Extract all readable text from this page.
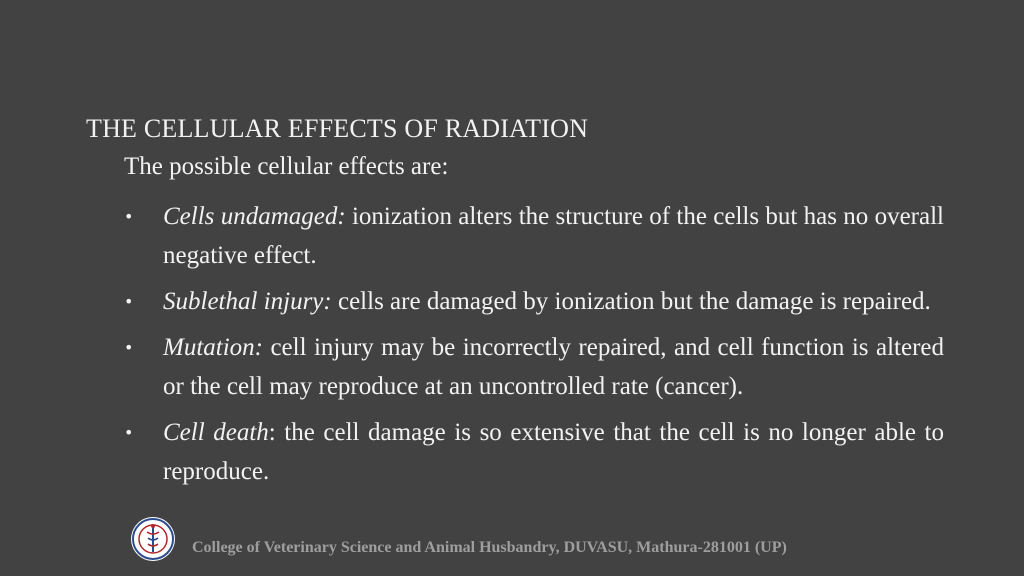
THE CELLULAR EFFECTS OF RADIATION
The possible cellular effects are:
• Cells undamaged: ionization alters the structure of the cells but has no overall negative effect.
• Sublethal injury: cells are damaged by ionization but the damage is repaired.
• Mutation: cell injury may be incorrectly repaired, and cell function is altered or the cell may reproduce at an uncontrolled rate (cancer).
• Cell death: the cell damage is so extensive that the cell is no longer able to reproduce.
College of Veterinary Science and Animal Husbandry, DUVASU, Mathura-281001 (UP)
